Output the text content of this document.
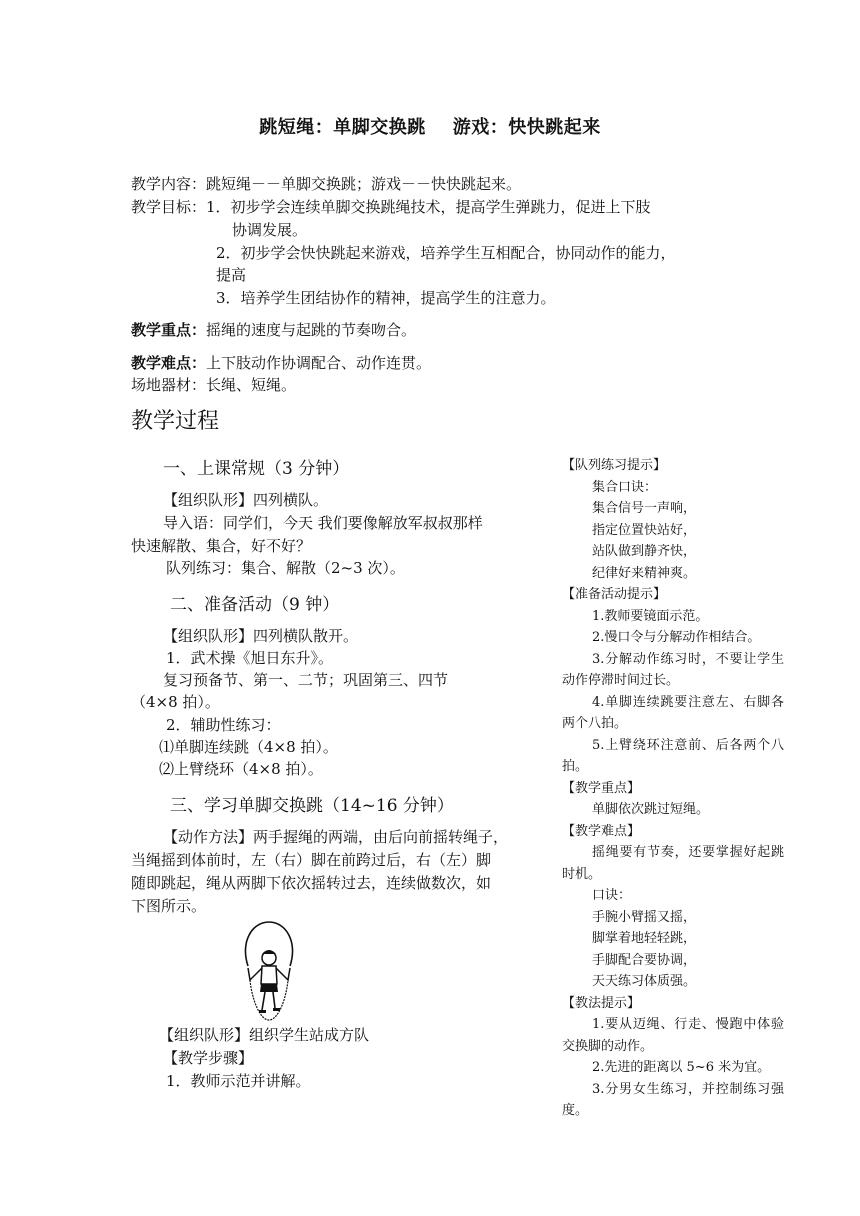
跳短绳：单脚交换跳    游戏：快快跳起来
教学内容：跳短绳－－单脚交换跳；游戏－－快快跳起来。
教学目标：1．初步学会连续单脚交换跳绳技术，提高学生弹跳力，促进上下肢
协调发展。
2．初步学会快快跳起来游戏，培养学生互相配合，协同动作的能力，
提高
3．培养学生团结协作的精神，提高学生的注意力。
教学重点：摇绳的速度与起跳的节奏吻合。
教学难点：上下肢动作协调配合、动作连贯。
场地器材：长绳、短绳。
教学过程
一、上课常规（3 分钟）
【组织队形】四列横队。
导入语：同学们，今天 我们要像解放军叔叔那样
快速解散、集合，好不好？
队列练习：集合、解散（2~3 次）。
二、准备活动（9 钟）
【组织队形】四列横队散开。
1．武术操《旭日东升》。
复习预备节、第一、二节；巩固第三、四节
（4×8 拍）。
2．辅助性练习：
⑴单脚连续跳（4×8 拍）。
⑵上臂绕环（4×8 拍）。
三、学习单脚交换跳（14~16 分钟）
【动作方法】两手握绳的两端，由后向前摇转绳子，
当绳摇到体前时，左（右）脚在前跨过后，右（左）脚
随即跳起，绳从两脚下依次摇转过去，连续做数次，如
下图所示。
【组织队形】组织学生站成方队
【教学步骤】
1．教师示范并讲解。
【队列练习提示】
集合口诀：
集合信号一声响，
指定位置快站好，
站队做到静齐快，
纪律好来精神爽。
【准备活动提示】
1.教师要镜面示范。
2.慢口令与分解动作相结合。
3.分解动作练习时，不要让学生动作停滞时间过长。
4.单脚连续跳要注意左、右脚各两个八拍。
5.上臂绕环注意前、后各两个八拍。
【教学重点】
单脚依次跳过短绳。
【教学难点】
摇绳要有节奏，还要掌握好起跳时机。
口诀：
手腕小臂摇又摇，
脚掌着地轻轻跳，
手脚配合要协调，
天天练习体质强。
【教法提示】
1.要从迈绳、行走、慢跑中体验交换脚的动作。
2.先进的距离以 5~6 米为宜。
3.分男女生练习，并控制练习强度。
